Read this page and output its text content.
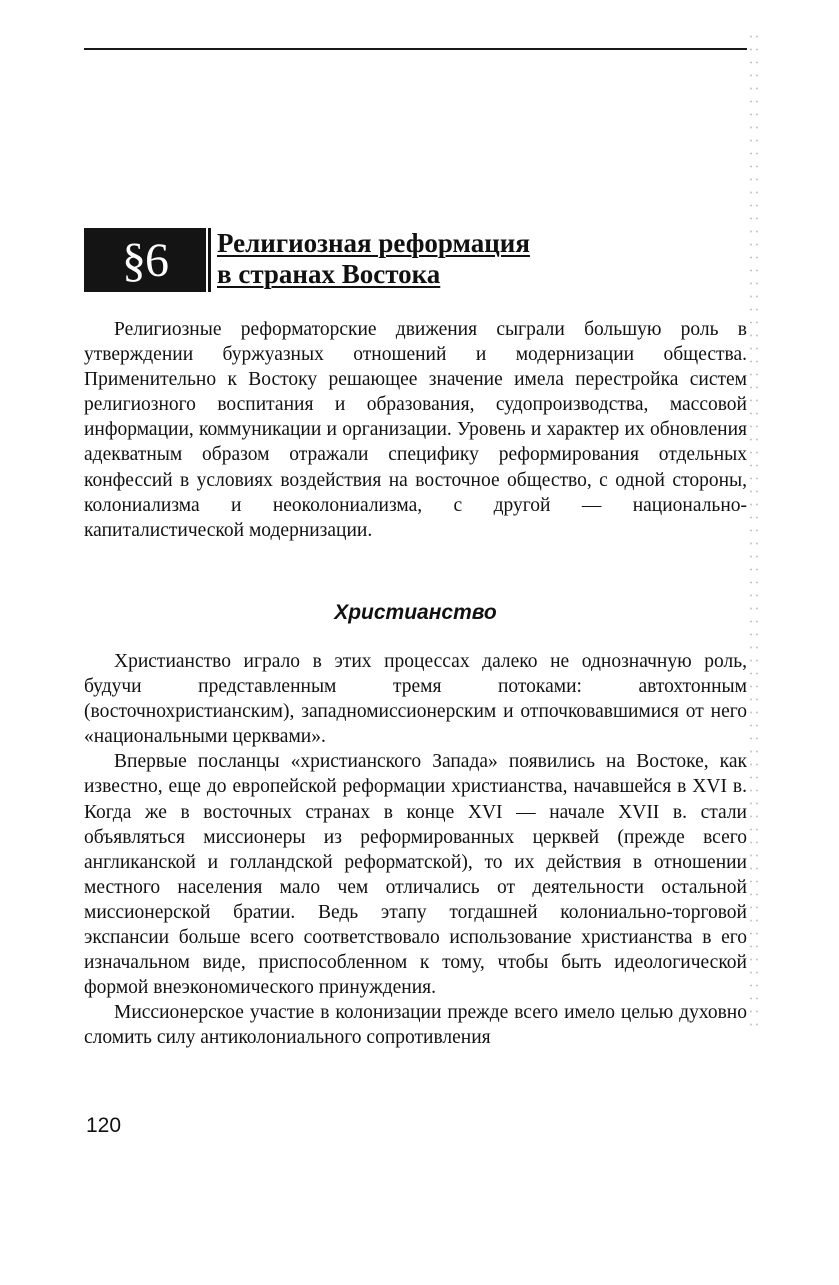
§6 Религиозная реформация
в странах Востока

Религиозные реформаторские движения сыграли большую роль в утверждении буржуазных отношений и модернизации общества. Применительно к Востоку решающее значение имела перестройка систем религиозного воспитания и образования, судопроизводства, массовой информации, коммуникации и организации. Уровень и характер их обновления адекватным образом отражали специфику реформирования отдельных конфессий в условиях воздействия на восточное общество, с одной стороны, колониализма и неоколониализма, с другой — национально-капиталистической модернизации.

Христианство

Христианство играло в этих процессах далеко не однозначную роль, будучи представленным тремя потоками: автохтонным (восточнохристианским), западномиссионерским и отпочковавшимися от него «национальными церквами».

Впервые посланцы «христианского Запада» появились на Востоке, как известно, еще до европейской реформации христианства, начавшейся в XVI в. Когда же в восточных странах в конце XVI — начале XVII в. стали объявляться миссионеры из реформированных церквей (прежде всего англиканской и голландской реформатской), то их действия в отношении местного населения мало чем отличались от деятельности остальной миссионерской братии. Ведь этапу тогдашней колониально-торговой экспансии больше всего соответствовало использование христианства в его изначальном виде, приспособленном к тому, чтобы быть идеологической формой внеэкономического принуждения.

Миссионерское участие в колонизации прежде всего имело целью духовно сломить силу антиколониального сопротивления

120
